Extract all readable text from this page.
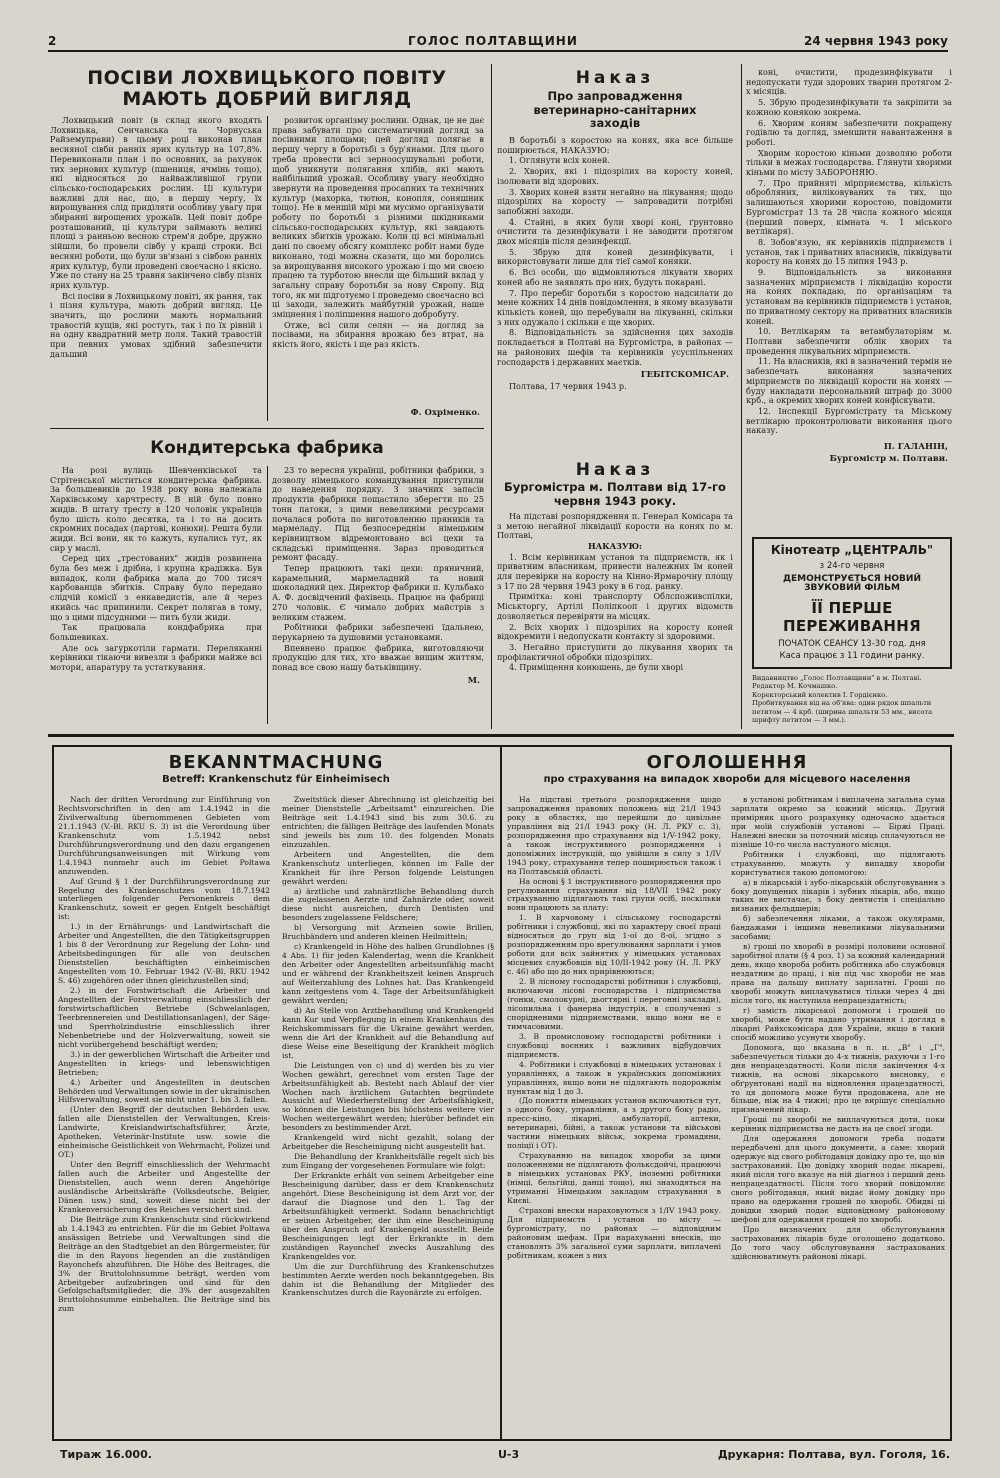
2	ГОЛОС ПОЛТАВЩИНИ	24 червня 1943 року
ПОСІВИ ЛОХВИЦЬКОГО ПОВІТУ МАЮТЬ ДОБРИЙ ВИГЛЯД

Лохвицький повіт (в склад якого входять Лохвицька, Сенчанська та Чорнуська Райземуправи) в цьому році виконав план весняної сівби ранніх ярих культур на 107,8%. Перевиконали план і по основних, за рахунок тих зернових культур (пшениця, ячмінь тощо), які відносяться до найважливішої групи сільсько-господарських рослин. Ці культури важливі для нас, що, в першу чергу, їх вирощування слід приділяти особливу увагу при збиранні вирощених урожаїв. Цей повіт добре розташований, ці культури займають великі площі з ранньою весною стрем'я добре, дружно зійшли, бо провели сівбу у кращі строки. Всі весняні роботи, що були зв'язані з сівбою ранніх ярих культур, були проведені своєчасно і якісно. Уже по стану на 25 травня закінчено сівбу пізніх ярих культур.

Всі посіви в Лохвицькому повіті, як рання, так і пізня культура, мають добрий вигляд. Це значить, що рослини мають нормальний травостій кущів, які ростуть, так і по їх рівній і на одну квадратний метр поля. Такий травостій при певних умовах здібний забезпечити дальший

розвиток організму рослини. Однак, це не дає права забувати про систематичний догляд за посівними площами; цей догляд полягає в першу чергу в боротьбі з бур'янами. Для цього треба провести всі зерноосушувальні роботи, щоб уникнути полягання хлібів, які мають найбільший урожай. Особливу увагу необхідно звернути на проведення просапних та технічних культур (махорка, тютюн, конопля, соняшник тощо). Не в меншій мірі ми мусимо організувати роботу по боротьбі з різними шкідниками сільсько-господарських культур, які завдають великих збитків урожаю. Коли ці всі мінімальні дані по своєму обсягу комплекс робіт нами буде виконано, тоді можна сказати, що ми боролись за вирощування високого урожаю і що ми своєю працею та турботою внесли ще більший вклад у загальну справу боротьби за нову Європу. Від того, як ми підготуємо і проведемо своєчасно всі ці заходи, залежить майбутній урожай, наше зміцнення і поліпшення нашого добробуту.

Отже, всі сили селян — на догляд за посівами, на збирання врожаю без втрат, на якість його, якість і ще раз якість.

Ф. Охріменко.
Кондитерська фабрика

На розі вулиць Шевченківської та Стрітенської міститься кондитерська фабрика. За большевиків до 1938 року вона належала Харківському харчтресту. В ній було повно жидів. В штату тресту в 120 чоловік українців було шість коло десятка, та і то на досить скромних посадах (партові, конюхи). Решта були жиди. Всі вони, як то кажуть, купались тут, як сир у маслі.

Серед цих „трестованих" жидів розвинена була без меж і дрібна, і крупна крадіжка. Був випадок, коли фабрика мала до 700 тисяч карбованців збитків. Справу було передано слідчій комісії з енкаведистів, але й через якийсь час припинили. Секрет полягав в тому, що з цими підсудними — пить були жиди.

Так працювала кондфабрика при большевиках.

Але ось загуркотіли гармати. Переляканні керівники тікаючи вивезли з фабрики майже всі мотори, апаратуру та устаткування.

23 то вересня українці, робітники фабрики, з дозволу німецького командування приступили до наведення порядку. З значних запасів продуктів фабрики пощастило зберегти по 25 тонн патоки, з цими невеликими ресурсами почалася робота по виготовленню пряників та мармеладу. Під безпосереднім німецьким керівництвом відремонтовано всі цехи та складські приміщення. Зараз проводиться ремонт фасаду.

Тепер працюють такі цехи: пряничний, карамельний, мармеладний та новий шоколадний цех. Директор фабрики п. Кульбако А. Ф. досвідчений фахівець. Працює на фабриці 270 чоловік. Є чимало добрих майстрів з великим стажем.

Робітники фабрики забезпечені їдальнею, перукарнею та душовими установками.

Впевнено працює фабрика, виготовляючи продукцію для тих, хто вважає вищим життям, понад все свою нашу батьківщину.

М.
Наказ
Про запровадження ветеринарно-санітарних заходів

В боротьбі з коростою на конях, яка все більше поширюється, НАКАЗУЮ:

1. Оглянути всіх коней.

2. Хворих, які і підозрілих на коросту коней, ізолювати від здорових.

3. Хворих коней взяти негайно на лікування; щодо підозрілих на коросту — запровадити потрібні запобіжні заходи.

4. Стайні, в яких були хворі коні, ґрунтовно очистити та дезинфікувати і не заводити протягом двох місяців після дезинфекції.

5. Збрую для коней дезинфікувати, і використовувати лише для тієї самої коняки.

6. Всі особи, що відмовляються лікувати хворих коней або не заявлять про них, будуть покарані.

7. Про перебіг боротьби з коростою надсилати до мене кожних 14 днів повідомлення, в якому вказувати кількість коней, що перебували на лікуванні, скільки з них одужало і скільки є ще хворих.

8. Відповідальність за здійснення цих заходів покладається в Полтаві на Бургомістра, в районах — на районових шефів та керівників усуспільнених господарств і державних маєтків.

ГЕБІТСКОМІСАР.

Полтава, 17 червня 1943 р.

Наказ
Бургомістра м. Полтави від 17-го червня 1943 року.

На підставі розпорядження п. Генерал Комісара та з метою негайної ліквідації корости на конях по м. Полтаві,

НАКАЗУЮ:

1. Всім керівникам установ та підприємств, як і приватним власникам, привести належних їм коней для перевірки на коросту на Кінно-Ярмарочну площу з 17 по 28 червня 1943 року в 6 год. ранку.

Примітка: коні транспорту Облспоживспілки, Міськторгу, Артілі Поліпкооп і других відомств дозволяється перевіряти на місцях.

2. Всіх хворих і підозрілих на коросту коней відокремити і недопускати контакту зі здоровими.

3. Негайно приступити до лікування хворих та профілактичної обробки підозрілих.

4. Приміщення конюшень, де були хворі

коні, очистити, продезинфікувати і недопускати туди здорових тварин протягом 2-х місяців.

5. Збрую продезинфікувати та закріпити за кожною конякою зокрема.

6. Хворим коням забезпечити покращену годівлю та догляд, зменшити навантаження в роботі.

Хворим коростою кіньми дозволяю роботи тільки в межах господарства. Глянути хворими кіньми по місту ЗАБОРОНЯЮ.

7. Про прийняті мірприємства, кількість обробляних, виліковуваних та тих, що залишаються хворими коростою, повідомити Бургомістрат 13 та 28 числа кожного місяця (перший поверх, кімната ч. 1 міського ветлікаря).

8. Зобов'язую, як керівників підприємств і установ, так і приватних власників, ліквідувати коросту на конях до 15 липня 1943 р.

9. Відповідальність за виконання зазначених мірприємств і ліквідацію корости на конях покладаю, по організаціям та установам на керівників підприємств і установ, по приватному сектору на приватних власників коней.

10. Ветлікарям та ветамбулаторіям м. Полтави забезпечити облік хворих та проведення лікувальних мірприємств.

11. На власників, які в зазначений термін не забезпечать виконання зазначених мірприємств по ліквідації корости на конях — буду накладати персональний штраф до 3000 крб., а окремих хворих коней конфіскувати.

12. Інспекції Бургомістрату та Міському ветлікарю проконтролювати виконання цього наказу.

П. ГАЛАНІН,
Бургомістр м. Полтави.
Кінотеатр „ЦЕНТРАЛЬ"
з 24-го червня
ДЕМОНСТРУЄТЬСЯ НОВИЙ ЗВУКОВИЙ ФІЛЬМ
ЇЇ ПЕРШЕ ПЕРЕЖИВАННЯ
ПОЧАТОК СЕАНСУ 13-30 год. дня
Каса працює з 11 години ранку.
Видавництво „Голос Полтавщини" в м. Полтаві.
Редактор М. Кочмашко.
Коректорський колектив І. Гордієнко.
Пробиткування від на об'ява: один рядок шпальти петитом — 4 крб. (ширина шпальти 53 мм., висота шрифту петитом — 3 мм.).
BEKANNTMACHUNG
Betreff: Krankenschutz für Einheimisech

Nach der dritten Verordnung zur Einführung von Rechtsvorschriften in den am 1.4.1942 in die Zivilverwaltung übernommenen Gebieten vom 21.1.1943 (V.-Bl. RKU S. 3) ist die Verordnung über Krankenschutz vom 1.5.1942 nebst Durchführungsverordnung und den dazu ergangenen Durchführungsanweisungen mit Wirkung vom 1.4.1943 nunmehr auch im Gebiet Poltawa anzuwenden.

Auf Grund § 1 der Durchführungsverordnung zur Regelung des Krankenschutzes vom 18.7.1942 unterliegen folgender Personenkreis dem Krankenschutz, soweit er gegen Entgelt beschäftigt ist:

1.) in der Ernährungs- und Landwirtschaft die Arbeiter und Angestellten, die den Tätigkeitsgruppen 1 bis 8 der Verordnung zur Regelung der Lohn- und Arbeitsbedingungen für alle von deutschen Dienststellen beschäftigten einheimischen Angestellten vom 10. Februar 1942 (V.-Bl. RKU 1942 S. 46) zugehören oder ihnen gleichzustellen sind;

2.) in der Forstwirtschaft die Arbeiter und Angestellten der Forstverwaltung einschliesslich der forstwirtschaftlichen Betriebe (Schwelanlagen, Teerbrennereien und Destillationsanlagen), der Säge- und Sperrholzindustrie einschliesslich ihrer Nebenbetriebe und der Holzverwaltung, soweit sie nicht vorübergehend beschäftigt werden;

3.) in der gewerblichen Wirtschaft die Arbeiter und Angestellten in kriegs- und lebenswichtigen Betrieben;

4.) Arbeiter und Angestellten in deutschen Behörden und Verwaltungen sowie in der ukrainischen Hilfsverwaltung, soweit sie nicht unter 1. bis 3. fallen.

(Unter den Begriff der deutschen Behörden usw. fallen alle Dienststellen der Verwaltungen, Kreis-Landwirte, Kreislandwirtschaftsführer, Ärzte, Apotheken, Veterinär-Institute usw. sowie die einheimische Geistlichkeit von Wehrmacht, Polizei und OT.)

Unter den Begriff einschliesslich der Wehrmacht fallen auch die Arbeiter und Angestellte der Dienststellen, auch wenn deren Angehörige ausländische Arbeitskräfte (Volksdeutsche, Belgier, Dänen usw.) sind, soweit diese nicht bei der Krankenversicherung des Reiches versichert sind.

Die Beiträge zum Krankenschutz sind rückwirkend ab 1.4.1943 zu entrichten. Für die im Gebiet Poltawa ansässigen Betriebe und Verwaltungen sind die Beiträge an den Stadtgebiet an den Bürgermeister, für die in den Rayons liegenden an die zuständigen Rayonchefs abzuführen. Die Höhe des Beitrages, die 3% der Bruttolohnsumme beträgt, werden vom Arbeitgeber aufzubringen und sind für den Gefolgschaftsmitglieder, die 3% der ausgezahlten Bruttolohnsumme einbehalten. Die Beiträge sind bis zum

Zweitstück dieser Abrechnung ist gleichzeitig bei meiner Dienststelle „Arbeitsamt" einzureichen. Die Beiträge seit 1.4.1943 sind bis zum 30.6. zu entrichten; die fälligen Beiträge des laufenden Monats sind jeweils bis zum 10. des folgenden Monats einzuzahlen.

Arbeitern und Angestellten, die dem Krankenschutz unterliegen, können im Falle der Krankheit für ihre Person folgende Leistungen gewährt werden:

a) ärztliche und zahnärztliche Behandlung durch die zugelassenen Aerzte und Zahnärzte oder, soweit diese nicht ausreichen, durch Dentisten und besonders zugelassene Feldschere;

b) Versorgung mit Arzneien sowie Brillen, Bruchbändern und anderen kleinen Heilmitteln;

c) Krankengeld in Höhe des halben Grundlohnes (§ 4 Abs. 1) für jeden Kalendertag, wenn die Krankheit den Arbeiter oder Angestellten arbeitsunfähig macht und er während der Krankheitszeit keinen Anspruch auf Weiterzahlung des Lohnes hat. Das Krankengeld kann zeitgestens vom 4. Tage der Arbeitsunfähigkeit gewährt werden;

d) An Stelle von Arztbehandlung und Krankengeld kann Kur und Verpflegung in einem Krankenhaus des Reichskommissars für die Ukraine gewährt werden, wenn die Art der Krankheit auf die Behandlung auf diese Weise eine Beseitigung der Krankheit möglich ist.

Die Leistungen von c) und d) werden bis zu vier Wochen gewährt, gerechnet vom ersten Tage der Arbeitsunfähigkeit ab. Besteht nach Ablauf der vier Wochen nach ärztlichem Gutachten begründete Aussicht auf Wiederherstellung der Arbeitsfähigkeit, so können die Leistungen bis höchstens weitere vier Wochen weitergewährt werden; hierüber befindet ein besonders zu bestimmender Arzt.

Krankengeld wird nicht gezahlt, solang der Arbeitgeber die Bescheinigung nicht ausgestellt hat.

Die Behandlung der Krankheitsfälle regelt sich bis zum Eingang der vorgesehenen Formulare wie folgt:

Der Erkrankte erhält von seinem Arbeitgeber eine Bescheinigung darüber, dass er dem Krankenschutz angehört. Diese Bescheinigung ist dem Arzt vor, der darauf die Diagnose und den 1. Tag der Arbeitsunfähigkeit vermerkt. Sodann benachrichtigt er seinen Arbeitgeber, der ihm eine Bescheinigung über den Anspruch auf Krankengeld ausstellt. Beide Bescheinigungen legt der Erkrankte in dem zuständigen Rayonchef zwecks Auszahlung des Krankengeldes vor.

Um die zur Durchführung des Krankenschutzes bestimmten Aerzte werden noch bekanntgegeben. Bis dahin ist die Behandlung der Mitglieder des Krankenschutzes durch die Rayonärzte zu erfolgen.

ОГОЛОШЕННЯ
про страхування на випадок хвороби для місцевого населення

На підставі третього розпорядження щодо запровадження правових положень від 21/І 1943 року в областях, що перейшли до цивільне управління від 21/І 1943 року (Н. Л. РКУ с. 3), розпорядження про страхування від 1/V-1942 року, а також інструктивного розпорядження і допоміжних інструкцій, що увійшли в силу з 1/IV 1943 року, страхування тепер поширюється також і на Полтавській області.

На основі § 1 інструктивного розпорядження про регулювання страхування від 18/VII 1942 року страхуванню підлягають такі групи осіб, поскільки вони працюють за плату:

1. В харчовому і сільському господарстві робітники і службовці, які по характеру своєї праці відносяться до груп від 1-ої до 8-ої, згідно з розпорядженням про врегулювання зарплати і умов роботи для всіх зайнятих у німецьких установах місцевих службовців від 10/ІІ-1942 року (Н. Л. РКУ с. 46) або що до них прирівнюються;

2. В лісному господарстві робітники і службовці, включаючи лісові господарства і підприємства (гонки, смолокурні, дьогтярні і перегонні заклади), лісопильна і фанерна індустрія, в сполученні з спорідненими підприємствами, якщо вони не є тимчасовими.

3. В промисловому господарстві робітники і службовці воєнних і важливих відбудовчих підприємств.

4. Робітники і службовці в німецьких установах і управліннях, а також в українських допоміжних управліннях, якщо вони не підлягають подорожнім пунктам від 1 до 3.

(До поняття німецьких установ включаються тут, з одного боку, управління, а з другого боку радіо, пресс-кіно, лікарні, амбулаторії, аптеки, ветеринарні, бійні, а також установи та військові частини німецьких військ, зокрема громадяни, поліції і ОТ).

Страхуванню на випадок хвороби за цими положеннями не підлягають фольксдойчі, працюючі в німецьких установах РКУ, іноземні робітники (німці, бельгійці, данці тощо), які знаходяться на утриманні Німецьким закладом страхування в Києві.

Страхові внески нараховуються з 1/IV 1943 року. Для підприємств і установ по місту — бургомістрату, по районах — відповідним районовим шефам. При нарахуванні внесків, що становлять 3% загальної суми зарплати, виплачені робітникам, кожен з них

в установі робітникам і виплачена загальна сума зарплати окремо за кожний місяць. Другий примірник цього розрахунку одночасно здається при моїй службовій установі — Біржі Праці. Належні внески за поточний місяць сплачуються не пізніше 10-го числа наступного місяця.

Робітники і службовці, що підлягають страхуванню, можуть у випадку хвороби користуватися такою допомогою:

а) в лікарській і зубо-лікарській обслуговування з боку допущених лікарів і зубних лікарів, або, якщо таких не вистачає, з боку дентистів і спеціально визнаних фельдшерів;

б) забезпечення ліками, а також окулярами, бандажами і іншими невеликими лікувальними засобами;

в) гроші по хворобі в розмірі половини основної заробітної плати (§ 4 роз. 1) за кожний календарний день, якщо хвороба робить робітника або службовця нездатним до праці, і він під час хвороби не мав права на дальшу виплату зарплатні. Гроші по хворобі можуть виплачуватися тільки через 4 дні після того, як наступила непрацездатність;

г) замість лікарської допомоги і грошей по хворобі, може бути надано утримання і догляд в лікарні Райхскомісара для України, якщо в такий спосіб можливо усунути хворобу.

Допомога, що вказана в п. п. „В" і „Г", забезпечується тільки до 4-х тижнів, рахуючи з 1-го дня непрацездатності. Коли після закінчення 4-х тижнів, на основі лікарського висновку, є обґрунтовані надії на відновлення працездатності, то ця допомога може бути продовжена, але не більше, ніж на 4 тижні; про це вирішує спеціально призначений лікар.

Гроші по хворобі не виплачуються доти, поки керівник підприємства не дасть на це своєї згоди.

Для одержання допомоги треба подати передбачені для цього документи, а саме: хворий одержує від свого робітодавця довідку про те, що він застрахований. Цю довідку хворий подає лікареві, який після того вказує на ній діагноз і перший день непрацездатності. Після того хворий повідомляє свого робітодавця, який видає йому довідку про право на одержання грошей по хворобі. Обидві ці довідки хворий подає відповідному районовому шефові для одержання грошей по хворобі.

Про визначених для обслуговування застрахованих лікарів буде оголошено додатково. До того часу обслуговування застрахованих здійснюватимуть районові лікарі.

Тираж 16.000.	U-3	Друкарня: Полтава, вул. Гоголя, 16.
